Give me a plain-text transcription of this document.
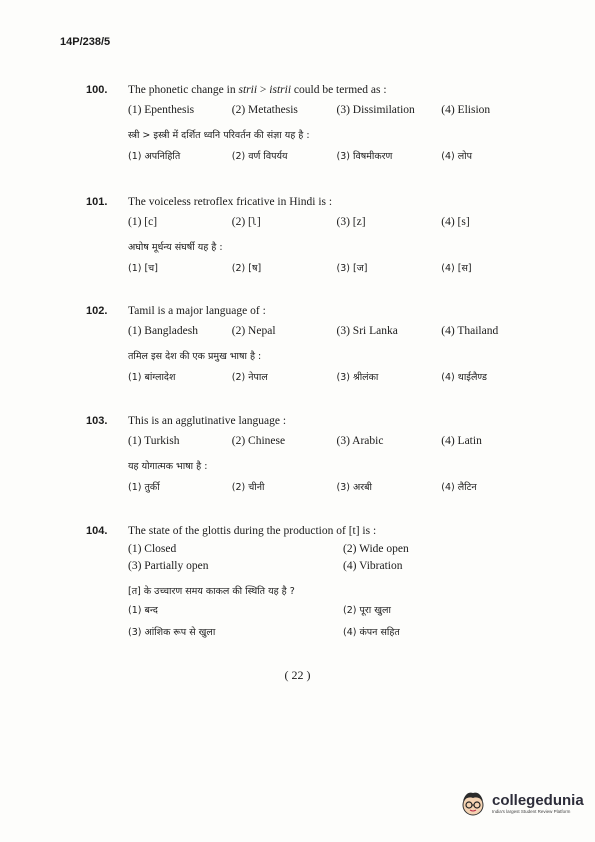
14P/238/5
100.	The phonetic change in strii > istrii could be termed as :
(1) Epenthesis	(2) Metathesis	(3) Dissimilation	(4) Elision
स्त्री > इस्त्री में दर्शित ध्वनि परिवर्तन की संज्ञा यह है :
(1) अपनिहिति	(2) वर्ण विपर्यय	(3) विषमीकरण	(4) लोप
101.	The voiceless retroflex fricative in Hindi is :
(1) [c]	(2) [ʅ]	(3) [z]	(4) [s]
अघोष मूर्धन्य संघर्षी यह है :
(1) [च]	(2) [ष]	(3) [ज]	(4) [स]
102.	Tamil is a major language of :
(1) Bangladesh	(2) Nepal	(3) Sri Lanka	(4) Thailand
तमिल इस देश की एक प्रमुख भाषा है :
(1) बांग्लादेश	(2) नेपाल	(3) श्रीलंका	(4) थाईलैण्ड
103.	This is an agglutinative language :
(1) Turkish	(2) Chinese	(3) Arabic	(4) Latin
यह योगात्मक भाषा है :
(1) तुर्की	(2) चीनी	(3) अरबी	(4) लैटिन
104.	The state of the glottis during the production of [t] is :
(1) Closed	(2) Wide open
(3) Partially open	(4) Vibration
[त] के उच्चारण समय काकल की स्थिति यह है ?
(1) बन्द	(2) पूरा खुला
(3) आंशिक रूप से खुला	(4) कंपन सहित
( 22 )
collegedunia
India's largest Student Review Platform
